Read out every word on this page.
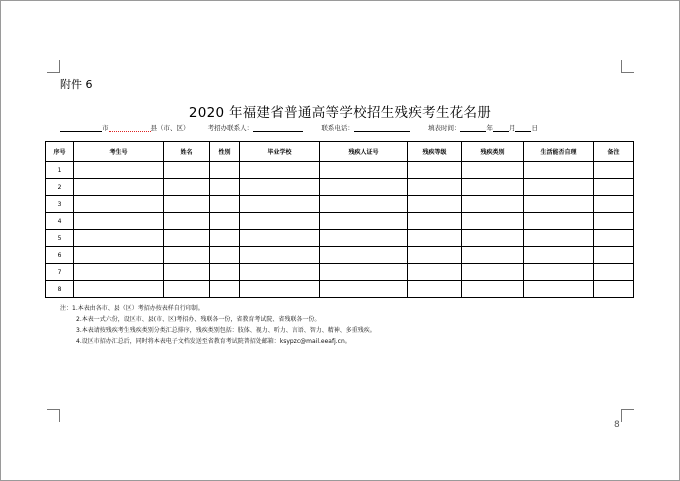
附件 6
2020 年福建省普通高等学校招生残疾考生花名册
市	县（市、区）	考招办联系人：	联系电话：	填表时间：	年 月 日
序号	考生号	姓名	性别	毕业学校	残疾人证号	残疾等级	残疾类别	生活能否自理	备注
1									
2									
3									
4									
5									
6									
7									
8									
注：1.本表由各市、县（区）考招办按表样自行印制。
2.本表一式六份，设区市、县(市、区)考招办、残联各一份，省教育考试院、省残联各一份。
3.本表请按残疾考生残疾类别分类汇总排序，残疾类别包括：肢体、视力、听力、言语、智力、精神、多重残疾。
4.设区市招办汇总后，同时将本表电子文档发送至省教育考试院普招处邮箱：ksypzc@mail.eeafj.cn。
8
